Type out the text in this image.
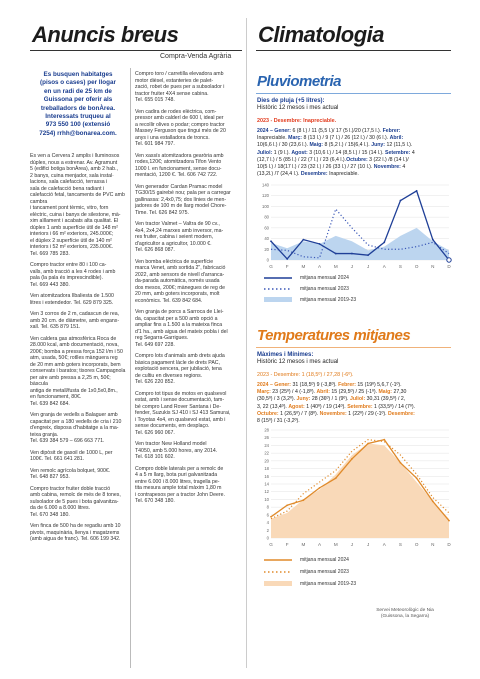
Anuncis breus
Compra-Venda Agrària
Es busquen habitatges
(pisos o cases) per llogar
en un radi de 25 km de
Guissona per oferir als
treballadors de bonÀrea.
Interessats truqueu al
973 550 100 (extensió
7254) rrhh@bonarea.com.

Es ven a Cervera 2 amplis i lluminosos
dúplex, nous a estrenar. Av. Agramunt
5 (edifici botiga bonÀrea), amb 2 hab.,
2 banys, cuina menjador, sala instal·
lacions, sala calefacció, terrassa i
sala de calefacció bena radiant i
calefacció fetal, tancaments de PVC amb cambra
i tancament pont tèrmic, vitro, forn
elèctric, cuina i banys de silestone, mà-
xim aïllament i acabats alta qualitat. El
dúplex 1 amb superfície útil de 148 m²
interiors i 66 m² exteriors, 245.000€;
el dúplex 2 superfície útil de 140 m²
interiors i 52 m² exteriors, 235.000€.
Tel. 669 785 283.

Compro tractor entre 80 i 100 ca-
valls, amb tracció a les 4 rodes i amb
pala (la pala és imprescindible).
Tel. 669 443 380.

Ven atomitzadora Ilbaliesta de 1.500
litres i estendedor. Tel. 629 879 325.

Ven 3 corros de 2 m, cadascun de rea,
amb 20 cm. de diàmetre, amb enganx-
xall. Tel. 635 879 151.

Ven caldera gas atmosfèrica Roca de
28.000 kcal, amb documentació, nova,
200€; bomba a pressa força 152 l/m i 50
atm, usada, 50€; rotlles mànguera reg
de 20 mm amb goters incorporats, bem
conservats i baratos; tisores Campagnola
per aire amb pressa a 2,25 m, 50€; bàscula
antiga de metall/fusta de 1x0,5x0,8m.,
en funcionament, 80€.
Tel. 639 842 684.

Ven granja de vedells a Balaguer amb
capacitat per a 180 vedells de cria i 210
d'engreix, disposa d'habitatge a la ma-
teixa granja.
Tel. 639 384 579 – 696 663 771.

Ven dipòsit de gasoil de 1000 L, per
100€. Tel. 661 641 281.

Ven remolc agrícola bolquet, 900€.
Tel. 648 827 953.

Compro tractor fruiter doble tracció
amb cabina, remolc de més de 8 tones,
sulsolador de 5 pues i bota galvanitza-
da de 6.000 a 8.000 litres.
Tel. 670 348 180.

Ven finca de 500 ha de regadiu amb 10
pivots, maquinària, llenya i magatzems
(amb aigua de franc). Tel. 606 199 342.

Compro toro / carretilla elevadora amb
motor dièsel, estanteries de palet-
zació, robet de pues per a subsolador i
tractor fruiter 4X4 sense cabina.
Tel. 655 015 748.

Ven cadira de rodes elèctrica, com-
pressor amb calderí de 600 l, ideal per
a recollir olives o podar; compro tractor
Massey Ferguson que tingui més de 20
anys i una estalladora de troncs.
Tel. 601 984 797.

Ven xassís atomitzadora gearòria amb
rodes,120€; atomitzadora Tifon Vento
1000 l. en funcionament, sense docu-
mentació, 1200 €. Tel. 606 742 722.

Ven generador Cardan Pramac model
TG30/15 gairebé nou; pala per a carregar
gallinassa: 2,4x0,75; dos línies de men-
jadores de 100 m de llarg model Chore-
Time. Tel. 626 842 975.

Ven tractor Valmet – Valtra de 90 cv.,
4x4, 2x4,24 marxes amb inversor, ma-
res fruiter, cabina i seient modern,
d'agricultor a agricultor, 10.000 €.
Tel. 626 868 087.

Ven bomba elèctrica de superfície
marca Venet, amb sortida 2", fabricació
2022, amb sensors de nivell d'arranca-
da-parada automàtica, només usada
dos mesos, 200€; mànegues de reg de
20 mm, amb goters incorporats, molt
econòmics. Tel. 639 842 684.

Ven granja de porcs a Sarroca de Llei-
da, capacitat per a 500 amb opció a
ampliar fins a 1.500 a la mateixa finca
d'1 ha., amb aigua del mateix pobla i del
reg Segarra-Garrigues.
Tel. 649 697 228.

Compro lots d'animals amb drets ajuda
bàsica pagament làcle de drets PAC,
explotació sencera, per jubilació, tena
de cultiu en diverses regions.
Tel. 626 220 852.

Compro tot tipus de motos en qualsevol
estat, amb i sense documentació, tam-
bé compro Land Rover Santana i De-
fender, Suzukis SJ 410 i SJ 413 Samurai,
i Toyotas 4x4, en qualsevol estat, amb i
sense documents, em desplaço.
Tel. 626 960 067.

Ven tractor New Holland model
T4050, amb 5.000 hores, any 2014.
Tel. 618 101 602.

Compro doble laterals per a remolc de
4 a 5 m llarg, bota puri galvanitzada
entre 6.000 i 8.000 litres, tragella pe-
tita mesura ample total màxim 1,80 m
i contrapesos per a tractor John Deere.
Tel. 670 348 180.

Climatologia
Pluviometria
Dies de pluja (+5 litres):
Històric 12 mesos i mes actual
2023 - Desembre: Inapreciable.
2024 – Gener: 6 (8 l.) / 11 (5,5 l.)/ 17 (5 l.)/20 (17,5 l.). Febrer:
Inapreciable. Març: 8 (13 l.) / 9 (7 l.) / 26 (12 l.) / 30 (6 l.). Abril:
10(6,6 l.) / 30 (23,6 l.). Maig: 8 (5,2 l.) / 15(6,4 l.). Juny: 12 (11,5 l.).
Juliol: 1 (9 l.). Agost: 3 (10,6 l.) / 14 (8,5 l.) / 15 (14 l.). Setembre: 4
(12,7 l.) / 5 (85 l.) / 22 (7 l.) / 23 (6,4 l.).Octubre: 3 (22 l.) /8 (14 l.)/
10(5 l.) / 18(17 l.) / 23 (32 l.) / 26 (33 l.) / 27 (10 l.). Novembre: 4
(13,2l.) /7 (24,4 l.). Desembre: Inapreciable.
0
20
40
60
80
100
120
140
G	F	M	A	M	J	J	A	S	O	N	D
mitjana mensual 2024
mitjana mensual 2023
mitjana mensual 2019-23
Temperatures mitjanes
Màximes i Mínimes:
Històric 12 mesos i mes actual
2023 - Desembre: 1 (18,5º) / 27,28 (-6º).
2024 – Gener: 31 (18,5º) 9 (-3,8º). Febrer: 15 (19º) 5,6,7 (-1º).
Març: 23 (25º) / 4 (-1,8º). Abril: 15 (29,5º) / 25 (-1º). Maig: 27,30
(30,5º) / 3 (3,2º). Juny: 28 (36º) / 1 (9º). Juliol: 30,31 (39,5º) / 2,
3, 22 (13,4º). Agost: 1 (40º) / 19 (14º). Setembre: 1 (33,5º) / 14 (7º).
Octubre: 1 (26,5º) / 7 (8º). Novembre: 1 (22º) / 29 (-1º). Desembre:
8 (15º) / 31 (-3,2º).
0
2
4
6
8
10
12
14
16
18
20
22
24
26
28
G	F	M	A	M	J	J	A	S	O	N	D
mitjana mensual 2024
mitjana mensual 2023
mitjana mensual 2019-23
Servei Meteorològic de Nia
(Guissona, la Segarra)
